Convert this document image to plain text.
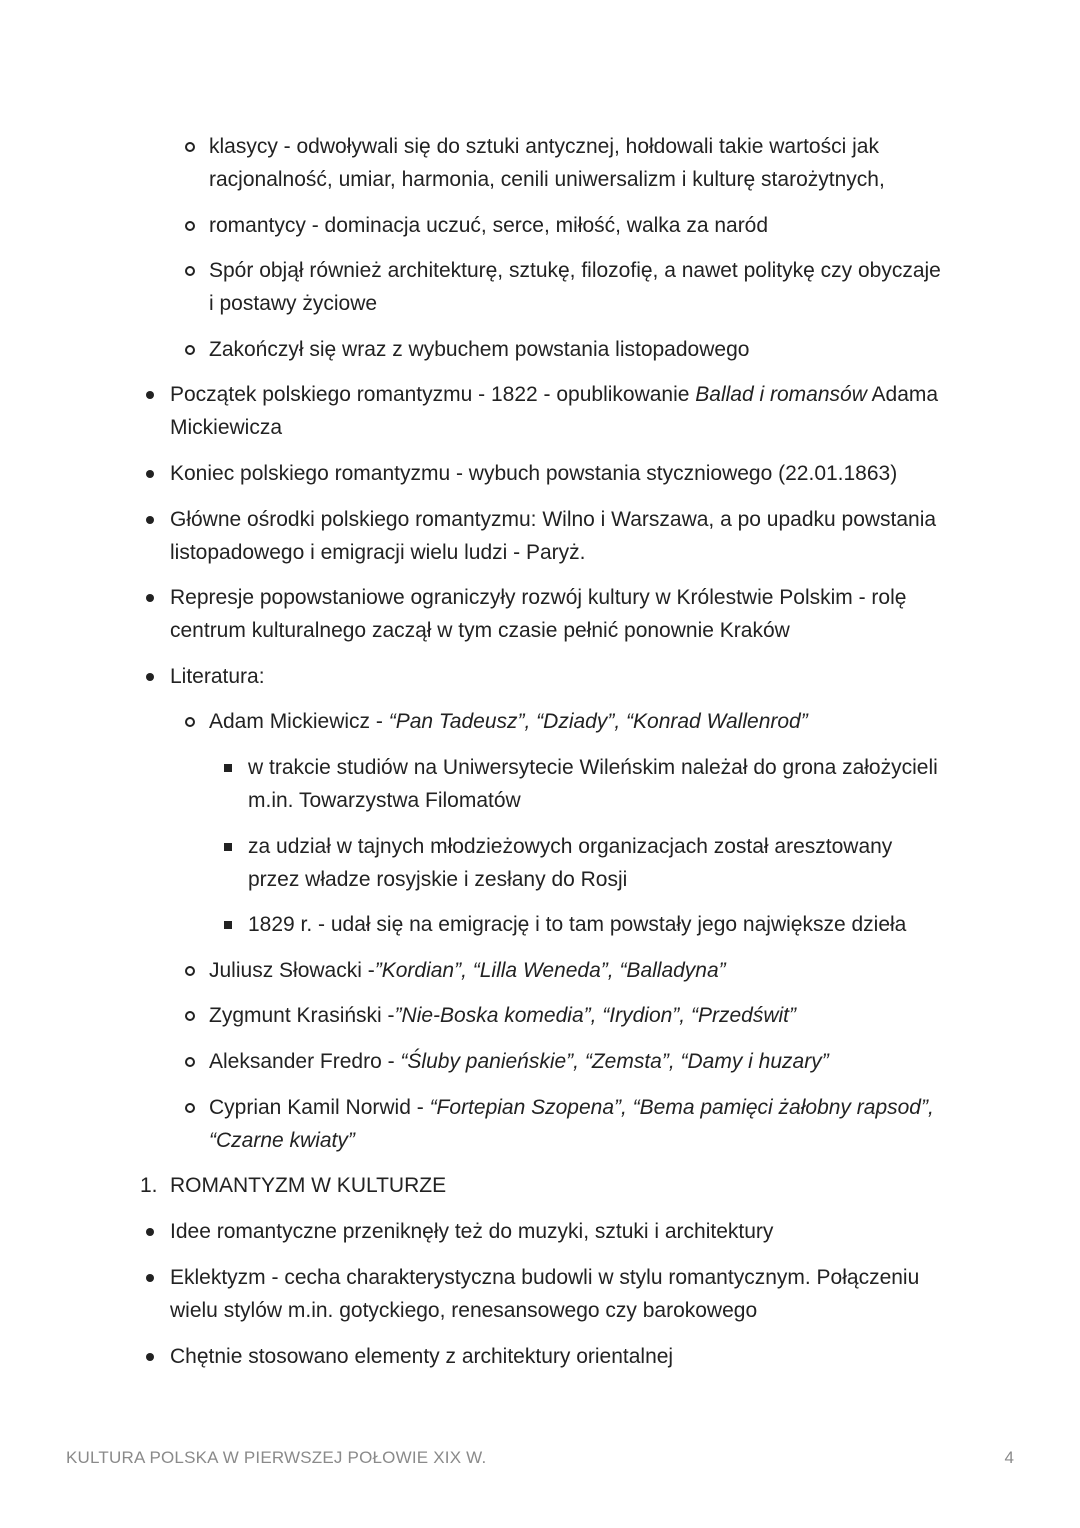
klasycy - odwoływali się do sztuki antycznej, hołdowali takie wartości jak racjonalność, umiar, harmonia, cenili uniwersalizm i kulturę starożytnych,
romantycy - dominacja uczuć, serce, miłość, walka za naród
Spór objął również architekturę, sztukę, filozofię, a nawet politykę czy obyczaje i postawy życiowe
Zakończył się wraz z wybuchem powstania listopadowego
Początek polskiego romantyzmu - 1822 - opublikowanie Ballad i romansów Adama Mickiewicza
Koniec polskiego romantyzmu - wybuch powstania styczniowego (22.01.1863)
Główne ośrodki polskiego romantyzmu: Wilno i Warszawa, a po upadku powstania listopadowego i emigracji wielu ludzi - Paryż.
Represje popowstaniowe ograniczyły rozwój kultury w Królestwie Polskim - rolę centrum kulturalnego zaczął w tym czasie pełnić ponownie Kraków
Literatura:
Adam Mickiewicz - “Pan Tadeusz”, “Dziady”, “Konrad Wallenrod”
w trakcie studiów na Uniwersytecie Wileńskim należał do grona założycieli m.in. Towarzystwa Filomatów
za udział w tajnych młodzieżowych organizacjach został aresztowany przez władze rosyjskie i zesłany do Rosji
1829 r. - udał się na emigrację i to tam powstały jego największe dzieła
Juliusz Słowacki -”Kordian”, “Lilla Weneda”, “Balladyna”
Zygmunt Krasiński -”Nie-Boska komedia”, “Irydion”, “Przedświt”
Aleksander Fredro - “Śluby panieńskie”, “Zemsta”, “Damy i huzary”
Cyprian Kamil Norwid - “Fortepian Szopena”, “Bema pamięci żałobny rapsod”, “Czarne kwiaty”
1. ROMANTYZM W KULTURZE
Idee romantyczne przeniknęły też do muzyki, sztuki i architektury
Eklektyzm - cecha charakterystyczna budowli w stylu romantycznym. Połączeniu wielu stylów m.in. gotyckiego, renesansowego czy barokowego
Chętnie stosowano elementy z architektury orientalnej
KULTURA POLSKA W PIERWSZEJ POŁOWIE XIX W.	4
